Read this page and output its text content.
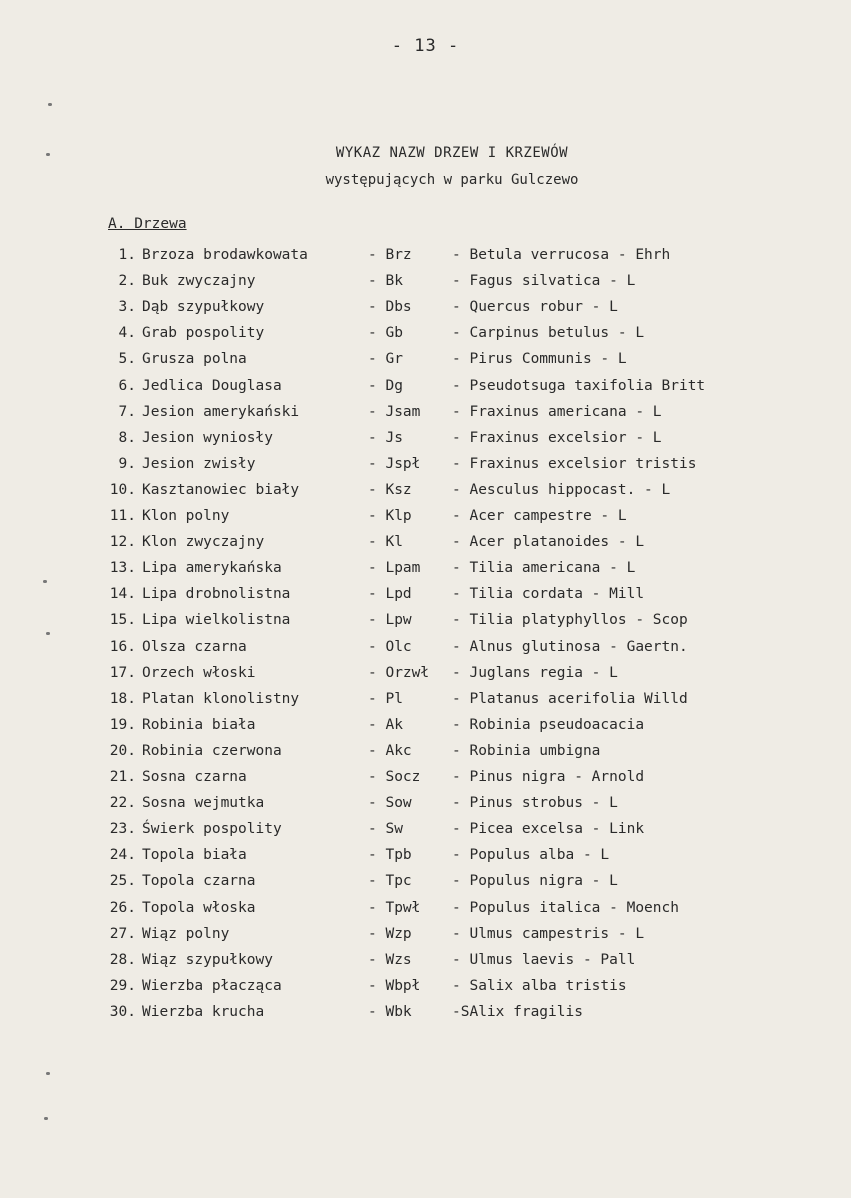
- 13 -
WYKAZ NAZW DRZEW I KRZEWÓW
występujących w parku Gulczewo
A. Drzewa
1. Brzoza brodawkowata	- Brz	- Betula verrucosa - Ehrh
2. Buk zwyczajny	- Bk	- Fagus silvatica - L
3. Dąb szypułkowy	- Dbs	- Quercus robur - L
4. Grab pospolity	- Gb	- Carpinus betulus - L
5. Grusza polna	- Gr	- Pirus Communis - L
6. Jedlica Douglasa	- Dg	- Pseudotsuga taxifolia Britt
7. Jesion amerykański	- Jsam - Fraxinus americana - L
8. Jesion wyniosły	- Js	- Fraxinus excelsior - L
9. Jesion zwisły	- Jspł - Fraxinus excelsior tristis
10. Kasztanowiec biały	- Ksz	- Aesculus hippocast. - L
11. Klon polny	- Klp	- Acer campestre - L
12. Klon zwyczajny	- Kl	- Acer platanoides - L
13. Lipa amerykańska	- Lpam - Tilia americana - L
14. Lipa drobnolistna	- Lpd	- Tilia cordata - Mill
15. Lipa wielkolistna	- Lpw	- Tilia platyphyllos - Scop
16. Olsza czarna	- Olc	- Alnus glutinosa - Gaertn.
17. Orzech włoski	- Orzwł - Juglans regia - L
18. Platan klonolistny	- Pl	- Platanus acerifolia Willd
19. Robinia biała	- Ak	- Robinia pseudoacacia
20. Robinia czerwona	- Akc	- Robinia umbigna
21. Sosna czarna	- Socz - Pinus nigra - Arnold
22. Sosna wejmutka	- Sow	- Pinus strobus - L
23. Świerk pospolity	- Sw	- Picea excelsa - Link
24. Topola biała	- Tpb	- Populus alba - L
25. Topola czarna	- Tpc	- Populus nigra - L
26. Topola włoska	- Tpwł - Populus italica - Moench
27. Wiąz polny	- Wzp	- Ulmus campestris - L
28. Wiąz szypułkowy	- Wzs	- Ulmus laevis - Pall
29. Wierzba płacząca	- Wbpł - Salix alba tristis
30. Wierzba krucha	- Wbk	-SAlix fragilis
